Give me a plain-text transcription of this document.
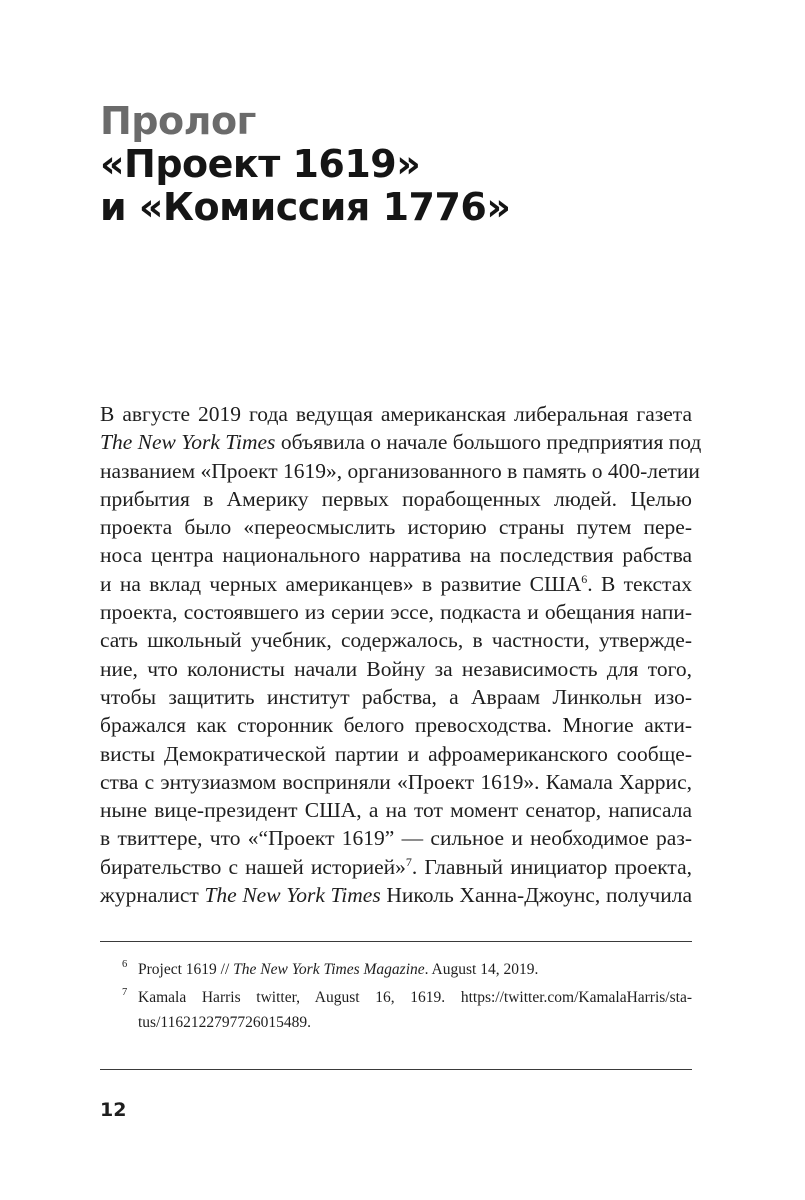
Пролог
«Проект 1619»
и «Комиссия 1776»
В августе 2019 года ведущая американская либеральная газета
The New York Times объявила о начале большого предприятия под
названием «Проект 1619», организованного в память о 400-летии
прибытия в Америку первых порабощенных людей. Целью
проекта было «переосмыслить историю страны путем пере-
носа центра национального нарратива на последствия рабства
и на вклад черных американцев» в развитие США$^6$. В текстах
проекта, состоявшего из серии эссе, подкаста и обещания напи-
сать школьный учебник, содержалось, в частности, утвержде-
ние, что колонисты начали Войну за независимость для того,
чтобы защитить институт рабства, а Авраам Линкольн изо-
бражался как сторонник белого превосходства. Многие акти-
висты Демократической партии и афроамериканского сообще-
ства с энтузиазмом восприняли «Проект 1619». Камала Харрис,
ныне вице-президент США, а на тот момент сенатор, написала
в твиттере, что «“Проект 1619” — сильное и необходимое раз-
бирательство с нашей историей»$^7$. Главный инициатор проекта,
журналист The New York Times Николь Ханна-Джоунс, получила
6 Project 1619 // The New York Times Magazine. August 14, 2019.
7 Kamala Harris twitter, August 16, 1619. https://twitter.com/KamalaHarris/sta-
tus/1162122797726015489.
12
